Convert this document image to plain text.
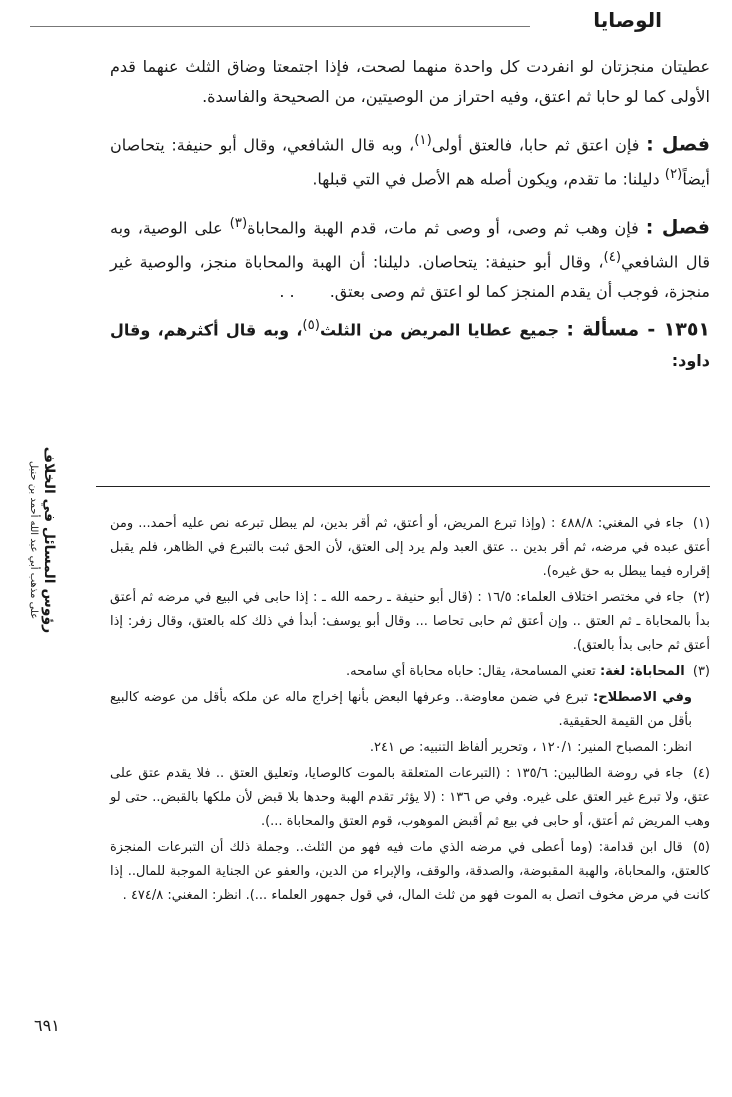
الوصايا
رؤوس المسائل في الخلاف
على مذهب أبي عبد الله أحمد بن حنبل

عطيتان منجزتان لو انفردت كل واحدة منهما لصحت، فإذا اجتمعتا وضاق الثلث عنهما قدم الأولى كما لو حابا ثم اعتق، وفيه احتراز من الوصيتين، من الصحيحة والفاسدة.

فصل : فإن اعتق ثم حابا، فالعتق أولى$^{(١)}$، وبه قال الشافعي، وقال أبو حنيفة: يتحاصان أيضاً$^{(٢)}$ دليلنا: ما تقدم، ويكون أصله هم الأصل في التي قبلها.

فصل : فإن وهب ثم وصى، أو وصى ثم مات، قدم الهبة والمحاباة$^{(٣)}$ على الوصية، وبه قال الشافعي$^{(٤)}$، وقال أبو حنيفة: يتحاصان. دليلنا: أن الهبة والمحاباة منجز، والوصية غير منجزة، فوجب أن يقدم المنجز كما لو اعتق ثم وصى بعتق. . .

١٣٥١ - مسألة : جميع عطايا المريض من الثلث$^{(٥)}$، وبه قال أكثرهم، وقال داود:

(١) جاء في المغني: ٤٨٨/٨ : (وإذا تبرع المريض، أو أعتق، ثم أقر بدين، لم يبطل تبرعه نص عليه أحمد... ومن أعتق عبده في مرضه، ثم أقر بدين .. عتق العبد ولم يرد إلى العتق، لأن الحق ثبت بالتبرع في الظاهر، فلم يقبل إقراره فيما يبطل به حق غيره).

(٢) جاء في مختصر اختلاف العلماء: ١٦/٥ : (قال أبو حنيفة ـ رحمه الله ـ : إذا حابى في البيع في مرضه ثم أعتق بدأ بالمحاباة ـ ثم العتق .. وإن أعتق ثم حابى تحاصا ... وقال أبو يوسف: أبدأ في ذلك كله بالعتق، وقال زفر: إذا أعتق ثم حابى بدأ بالعتق).

(٣) المحاباة: لغة: تعني المسامحة، يقال: حاباه محاباة أي سامحه.

وفي الاصطلاح: تبرع في ضمن معاوضة.. وعرفها البعض بأنها إخراج ماله عن ملكه بأقل من عوضه كالبيع بأقل من القيمة الحقيقية.

انظر: المصباح المنير: ١٢٠/١ ، وتحرير ألفاظ التنبيه: ص ٢٤١.

(٤) جاء في روضة الطالبين: ١٣٥/٦ : (التبرعات المتعلقة بالموت كالوصايا، وتعليق العتق .. فلا يقدم عتق على عتق، ولا تبرع غير العتق على غيره. وفي ص ١٣٦ : (لا يؤثر تقدم الهبة وحدها بلا قبض لأن ملكها بالقبض.. حتى لو وهب المريض ثم أعتق، أو حابى في بيع ثم أقبض الموهوب، قوم العتق والمحاباة ...).

(٥) قال ابن قدامة: (وما أعطى في مرضه الذي مات فيه فهو من الثلث.. وجملة ذلك أن التبرعات المنجزة كالعتق، والمحاباة، والهبة المقبوضة، والصدقة، والوقف، والإبراء من الدين، والعفو عن الجناية الموجبة للمال.. إذا كانت في مرض مخوف اتصل به الموت فهو من ثلث المال، في قول جمهور العلماء ...). انظر: المغني: ٤٧٤/٨ .

٦٩١
